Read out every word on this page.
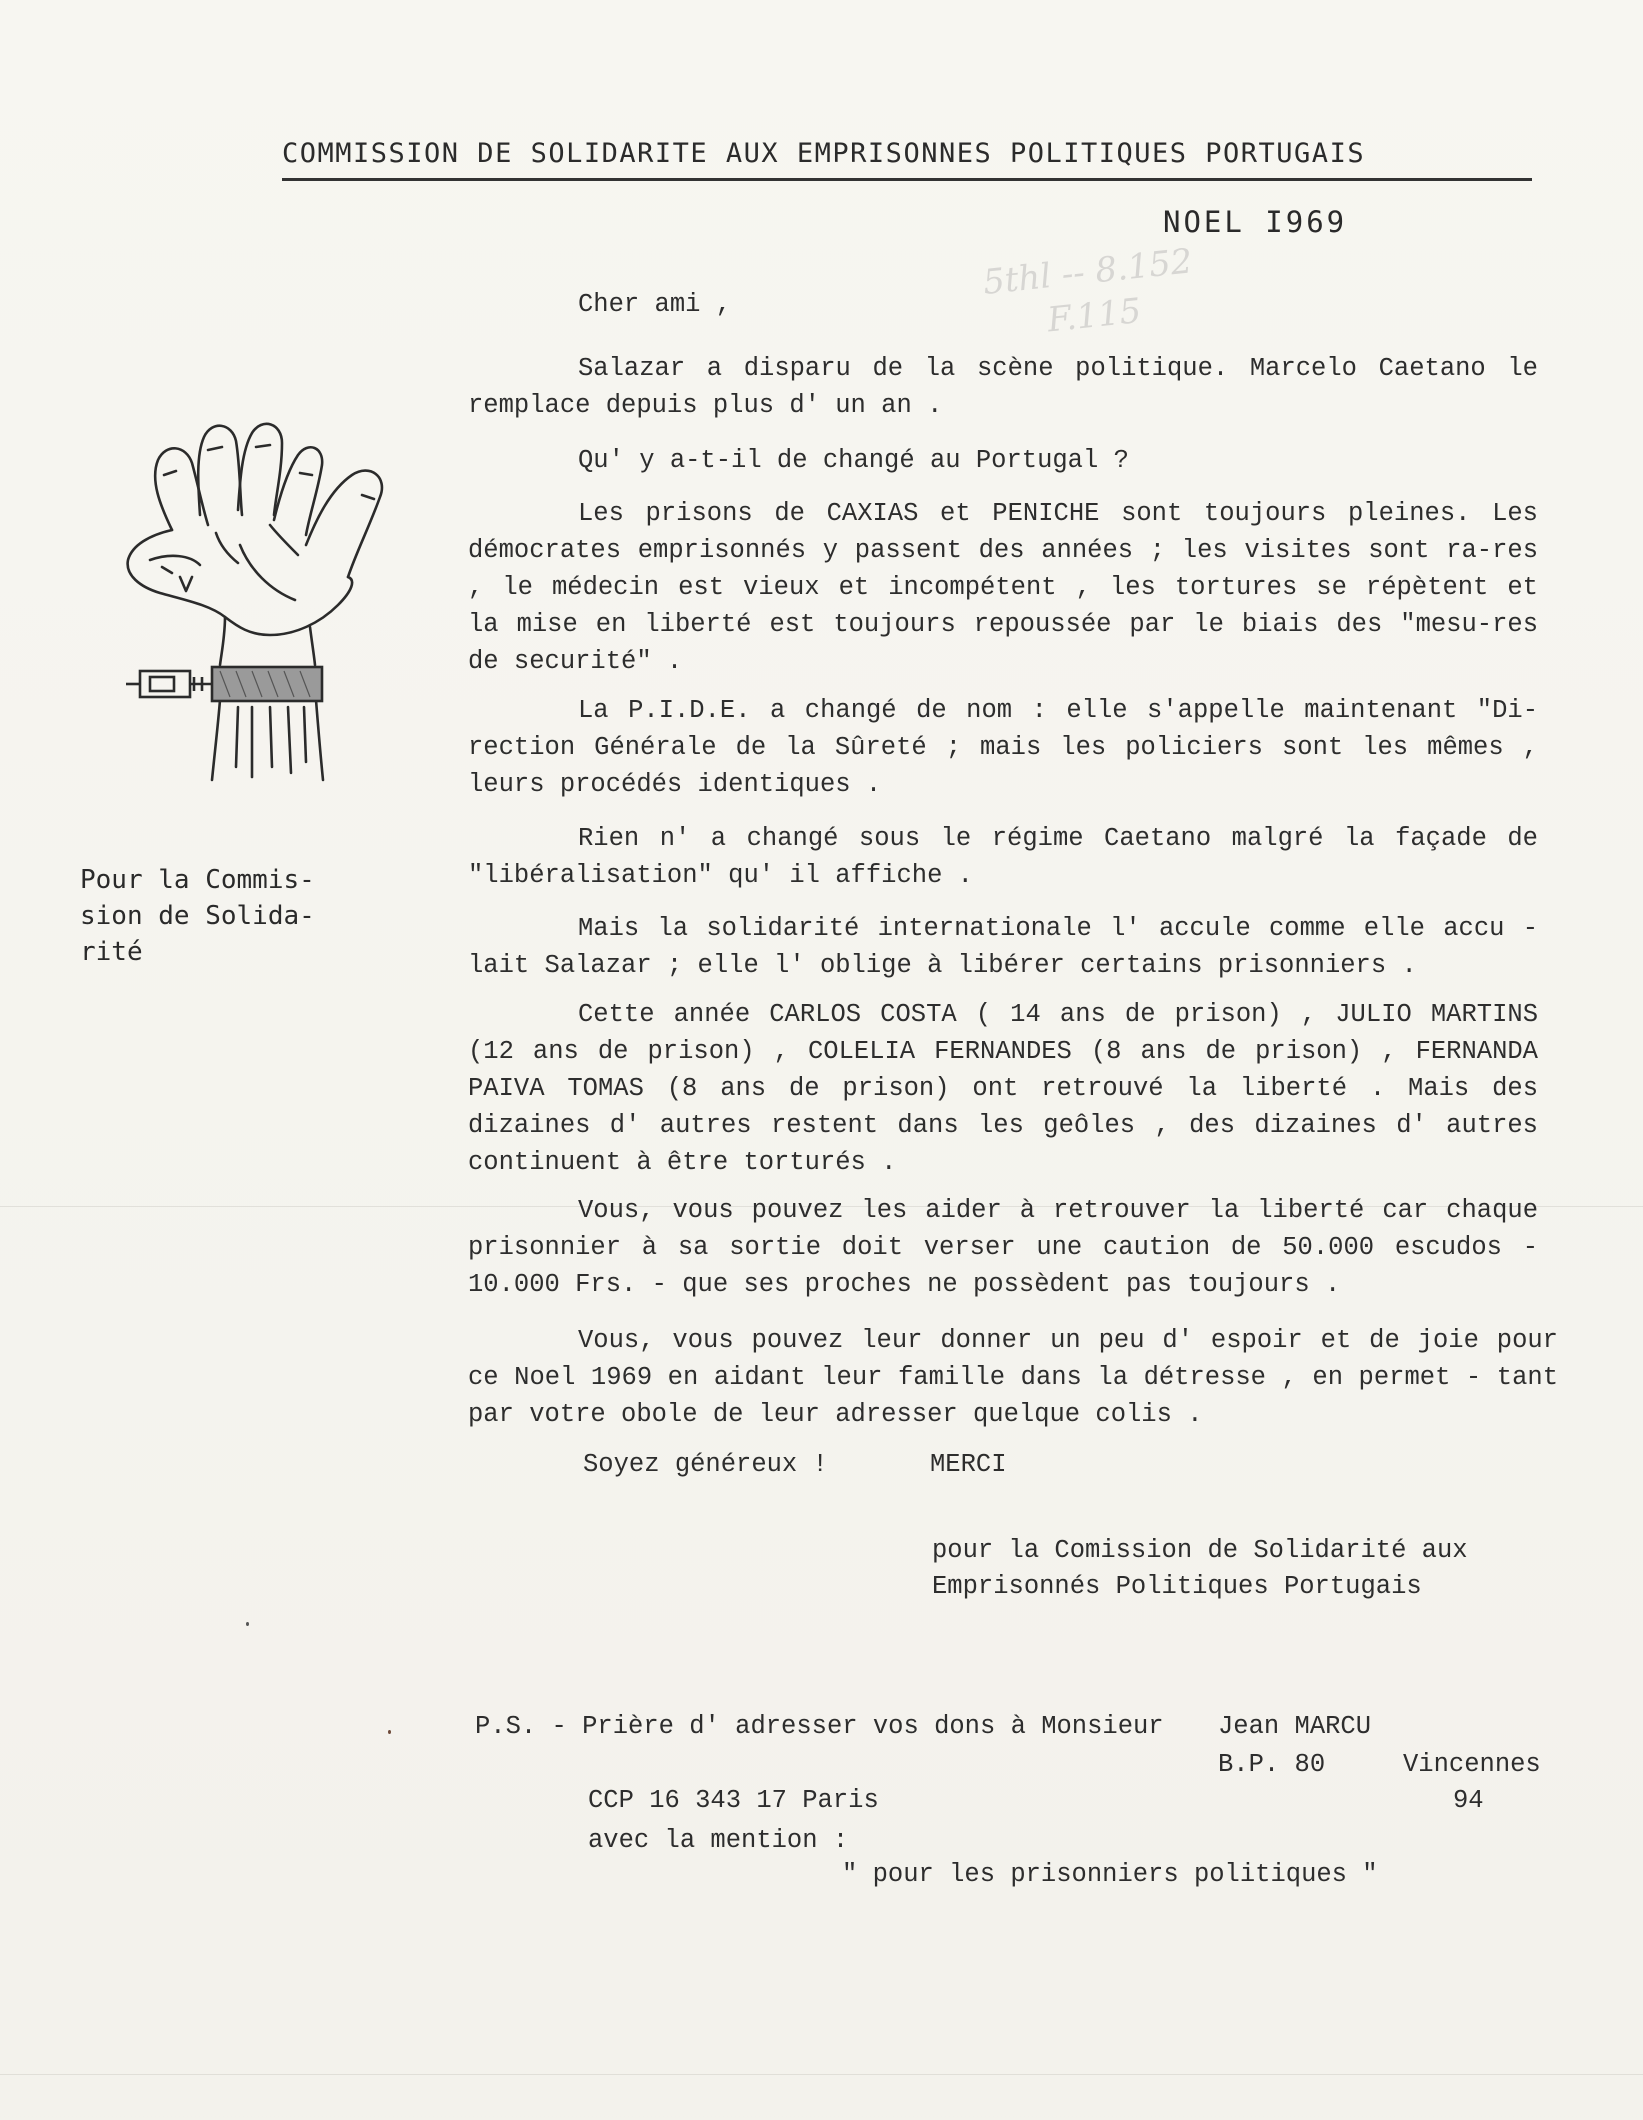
COMMISSION DE SOLIDARITE AUX EMPRISONNES POLITIQUES PORTUGAIS
NOEL I969
5thl -- 8.152
F.115
Pour la Commis-
sion de Solida-
rité

Cher ami ,

Salazar a disparu de la scène politique. Marcelo Caetano le remplace depuis plus d' un an .

Qu' y a-t-il de changé au Portugal ?

Les prisons de CAXIAS et PENICHE sont toujours pleines. Les démocrates emprisonnés y passent des années ; les visites sont ra-res , le médecin est vieux et incompétent , les tortures se répètent et la mise en liberté est toujours repoussée par le biais des "mesu-res de securité" .

La P.I.D.E. a changé de nom : elle s'appelle maintenant "Di-rection Générale de la Sûreté ; mais les policiers sont les mêmes , leurs procédés identiques .

Rien n' a changé sous le régime Caetano malgré la façade de "libéralisation" qu' il affiche .

Mais la solidarité internationale l' accule comme elle accu - lait Salazar ; elle l' oblige à libérer certains prisonniers .

Cette année CARLOS COSTA ( 14 ans de prison) , JULIO MARTINS (12 ans de prison) , COLELIA FERNANDES (8 ans de prison) , FERNANDA PAIVA TOMAS (8 ans de prison) ont retrouvé la liberté . Mais des dizaines d' autres restent dans les geôles , des dizaines d' autres continuent à être torturés .

Vous, vous pouvez les aider à retrouver la liberté car chaque prisonnier à sa sortie doit verser une caution de 50.000 escudos - 10.000 Frs. - que ses proches ne possèdent pas toujours .

Vous, vous pouvez leur donner un peu d' espoir et de joie pour ce Noel 1969 en aidant leur famille dans la détresse , en permet - tant par votre obole de leur adresser quelque colis .

Soyez généreux !	MERCI
pour la Comission de Solidarité aux
Emprisonnés Politiques Portugais
P.S. - Prière d' adresser vos dons à Monsieur Jean MARCU
B.P. 80	Vincennes
94
CCP 16 343 17 Paris
avec la mention :
" pour les prisonniers politiques "
